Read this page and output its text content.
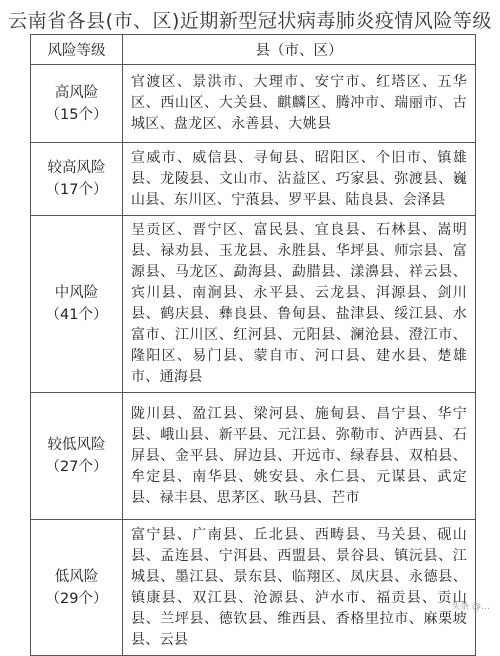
云南省各县(市、区)近期新型冠状病毒肺炎疫情风险等级
风险等级	县（市、区）

高风险
（15个）	官渡区、景洪市、大理市、安宁市、红塔区、五华区、西山区、大关县、麒麟区、腾冲市、瑞丽市、古城区、盘龙区、永善县、大姚县

较高风险
（17个）	宣威市、威信县、寻甸县、昭阳区、个旧市、镇雄县、龙陵县、文山市、沾益区、巧家县、弥渡县、巍山县、东川区、宁蒗县、罗平县、陆良县、会泽县

中风险
（41个）	呈贡区、晋宁区、富民县、宜良县、石林县、嵩明县、禄劝县、玉龙县、永胜县、华坪县、师宗县、富源县、马龙区、勐海县、勐腊县、漾濞县、祥云县、宾川县、南涧县、永平县、云龙县、洱源县、剑川县、鹤庆县、彝良县、鲁甸县、盐津县、绥江县、水富市、江川区、红河县、元阳县、澜沧县、澄江市、隆阳区、易门县、蒙自市、河口县、建水县、楚雄市、通海县

较低风险
（27个）	陇川县、盈江县、梁河县、施甸县、昌宁县、华宁县、峨山县、新平县、元江县、弥勒市、泸西县、石屏县、金平县、屏边县、开远市、绿春县、双柏县、牟定县、南华县、姚安县、永仁县、元谋县、武定县、禄丰县、思茅区、耿马县、芒市

低风险
（29个）	富宁县、广南县、丘北县、西畴县、马关县、砚山县、孟连县、宁洱县、西盟县、景谷县、镇沅县、江城县、墨江县、景东县、临翔区、凤庆县、永德县、镇康县、双江县、沧源县、泸水市、福贡县、贡山县、兰坪县、德钦县、维西县、香格里拉市、麻栗坡县、云县
头条 @…
